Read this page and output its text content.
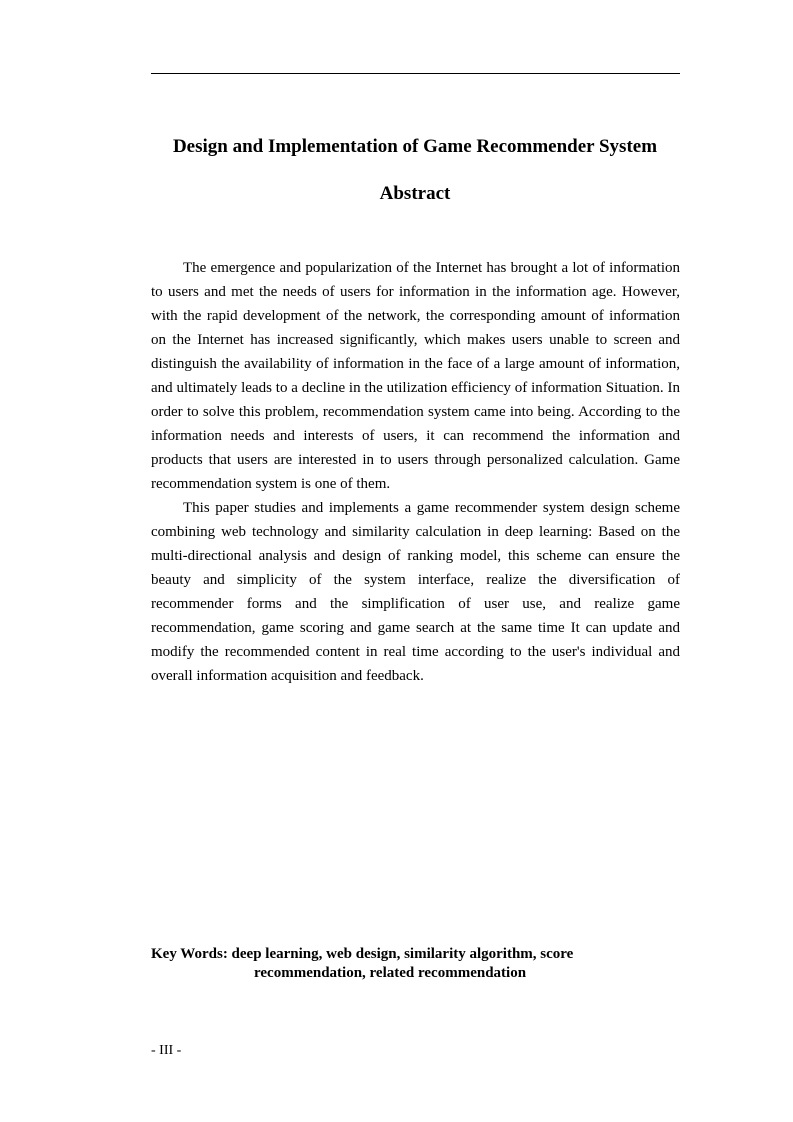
Design and Implementation of Game Recommender System
Abstract

The emergence and popularization of the Internet has brought a lot of information to users and met the needs of users for information in the information age. However, with the rapid development of the network, the corresponding amount of information on the Internet has increased significantly, which makes users unable to screen and distinguish the availability of information in the face of a large amount of information, and ultimately leads to a decline in the utilization efficiency of information Situation. In order to solve this problem, recommendation system came into being. According to the information needs and interests of users, it can recommend the information and products that users are interested in to users through personalized calculation. Game recommendation system is one of them.

This paper studies and implements a game recommender system design scheme combining web technology and similarity calculation in deep learning: Based on the multi-directional analysis and design of ranking model, this scheme can ensure the beauty and simplicity of the system interface, realize the diversification of recommender forms and the simplification of user use, and realize game recommendation, game scoring and game search at the same time It can update and modify the recommended content in real time according to the user's individual and overall information acquisition and feedback.

Key Words: deep learning, web design, similarity algorithm, score
recommendation, related recommendation
- III -
